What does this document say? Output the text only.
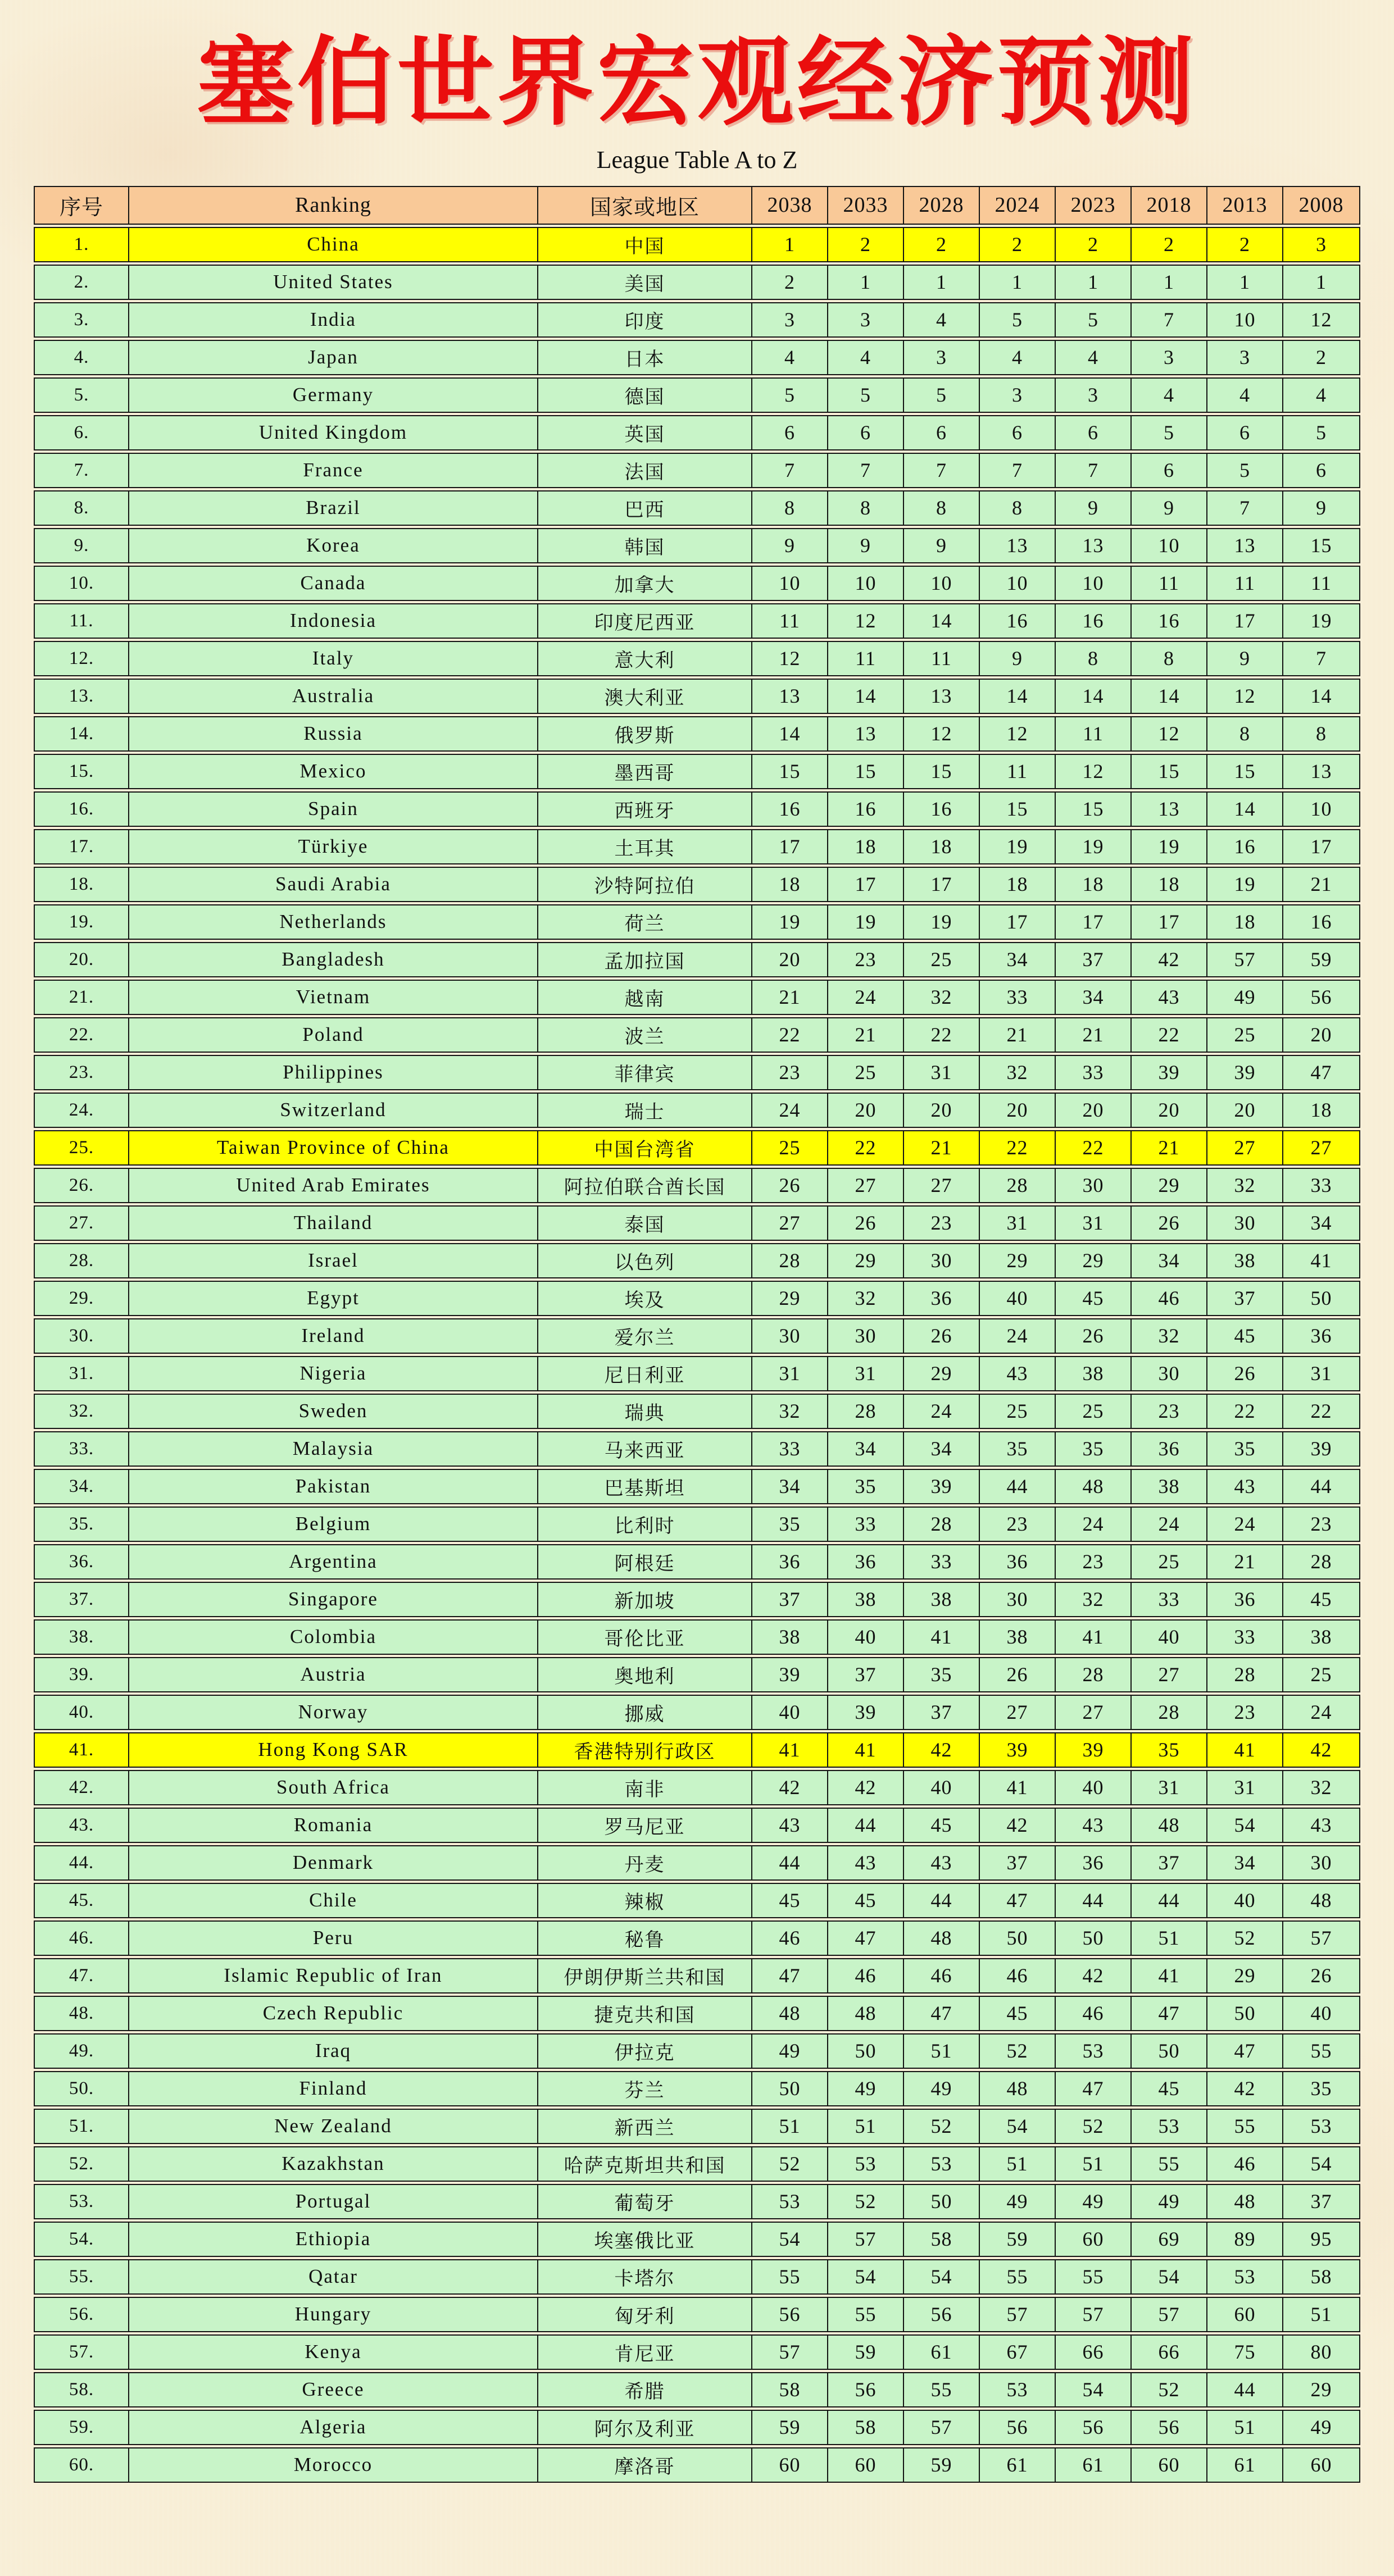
塞伯世界宏观经济预测
League Table A to Z
序号	Ranking	国家或地区	2038	2033	2028	2024	2023	2018	2013	2008
1.	China	中国	1	2	2	2	2	2	2	3
2.	United States	美国	2	1	1	1	1	1	1	1
3.	India	印度	3	3	4	5	5	7	10	12
4.	Japan	日本	4	4	3	4	4	3	3	2
5.	Germany	德国	5	5	5	3	3	4	4	4
6.	United Kingdom	英国	6	6	6	6	6	5	6	5
7.	France	法国	7	7	7	7	7	6	5	6
8.	Brazil	巴西	8	8	8	8	9	9	7	9
9.	Korea	韩国	9	9	9	13	13	10	13	15
10.	Canada	加拿大	10	10	10	10	10	11	11	11
11.	Indonesia	印度尼西亚	11	12	14	16	16	16	17	19
12.	Italy	意大利	12	11	11	9	8	8	9	7
13.	Australia	澳大利亚	13	14	13	14	14	14	12	14
14.	Russia	俄罗斯	14	13	12	12	11	12	8	8
15.	Mexico	墨西哥	15	15	15	11	12	15	15	13
16.	Spain	西班牙	16	16	16	15	15	13	14	10
17.	Türkiye	土耳其	17	18	18	19	19	19	16	17
18.	Saudi Arabia	沙特阿拉伯	18	17	17	18	18	18	19	21
19.	Netherlands	荷兰	19	19	19	17	17	17	18	16
20.	Bangladesh	孟加拉国	20	23	25	34	37	42	57	59
21.	Vietnam	越南	21	24	32	33	34	43	49	56
22.	Poland	波兰	22	21	22	21	21	22	25	20
23.	Philippines	菲律宾	23	25	31	32	33	39	39	47
24.	Switzerland	瑞士	24	20	20	20	20	20	20	18
25.	Taiwan Province of China	中国台湾省	25	22	21	22	22	21	27	27
26.	United Arab Emirates	阿拉伯联合酋长国	26	27	27	28	30	29	32	33
27.	Thailand	泰国	27	26	23	31	31	26	30	34
28.	Israel	以色列	28	29	30	29	29	34	38	41
29.	Egypt	埃及	29	32	36	40	45	46	37	50
30.	Ireland	爱尔兰	30	30	26	24	26	32	45	36
31.	Nigeria	尼日利亚	31	31	29	43	38	30	26	31
32.	Sweden	瑞典	32	28	24	25	25	23	22	22
33.	Malaysia	马来西亚	33	34	34	35	35	36	35	39
34.	Pakistan	巴基斯坦	34	35	39	44	48	38	43	44
35.	Belgium	比利时	35	33	28	23	24	24	24	23
36.	Argentina	阿根廷	36	36	33	36	23	25	21	28
37.	Singapore	新加坡	37	38	38	30	32	33	36	45
38.	Colombia	哥伦比亚	38	40	41	38	41	40	33	38
39.	Austria	奥地利	39	37	35	26	28	27	28	25
40.	Norway	挪威	40	39	37	27	27	28	23	24
41.	Hong Kong SAR	香港特别行政区	41	41	42	39	39	35	41	42
42.	South Africa	南非	42	42	40	41	40	31	31	32
43.	Romania	罗马尼亚	43	44	45	42	43	48	54	43
44.	Denmark	丹麦	44	43	43	37	36	37	34	30
45.	Chile	辣椒	45	45	44	47	44	44	40	48
46.	Peru	秘鲁	46	47	48	50	50	51	52	57
47.	Islamic Republic of Iran	伊朗伊斯兰共和国	47	46	46	46	42	41	29	26
48.	Czech Republic	捷克共和国	48	48	47	45	46	47	50	40
49.	Iraq	伊拉克	49	50	51	52	53	50	47	55
50.	Finland	芬兰	50	49	49	48	47	45	42	35
51.	New Zealand	新西兰	51	51	52	54	52	53	55	53
52.	Kazakhstan	哈萨克斯坦共和国	52	53	53	51	51	55	46	54
53.	Portugal	葡萄牙	53	52	50	49	49	49	48	37
54.	Ethiopia	埃塞俄比亚	54	57	58	59	60	69	89	95
55.	Qatar	卡塔尔	55	54	54	55	55	54	53	58
56.	Hungary	匈牙利	56	55	56	57	57	57	60	51
57.	Kenya	肯尼亚	57	59	61	67	66	66	75	80
58.	Greece	希腊	58	56	55	53	54	52	44	29
59.	Algeria	阿尔及利亚	59	58	57	56	56	56	51	49
60.	Morocco	摩洛哥	60	60	59	61	61	60	61	60
